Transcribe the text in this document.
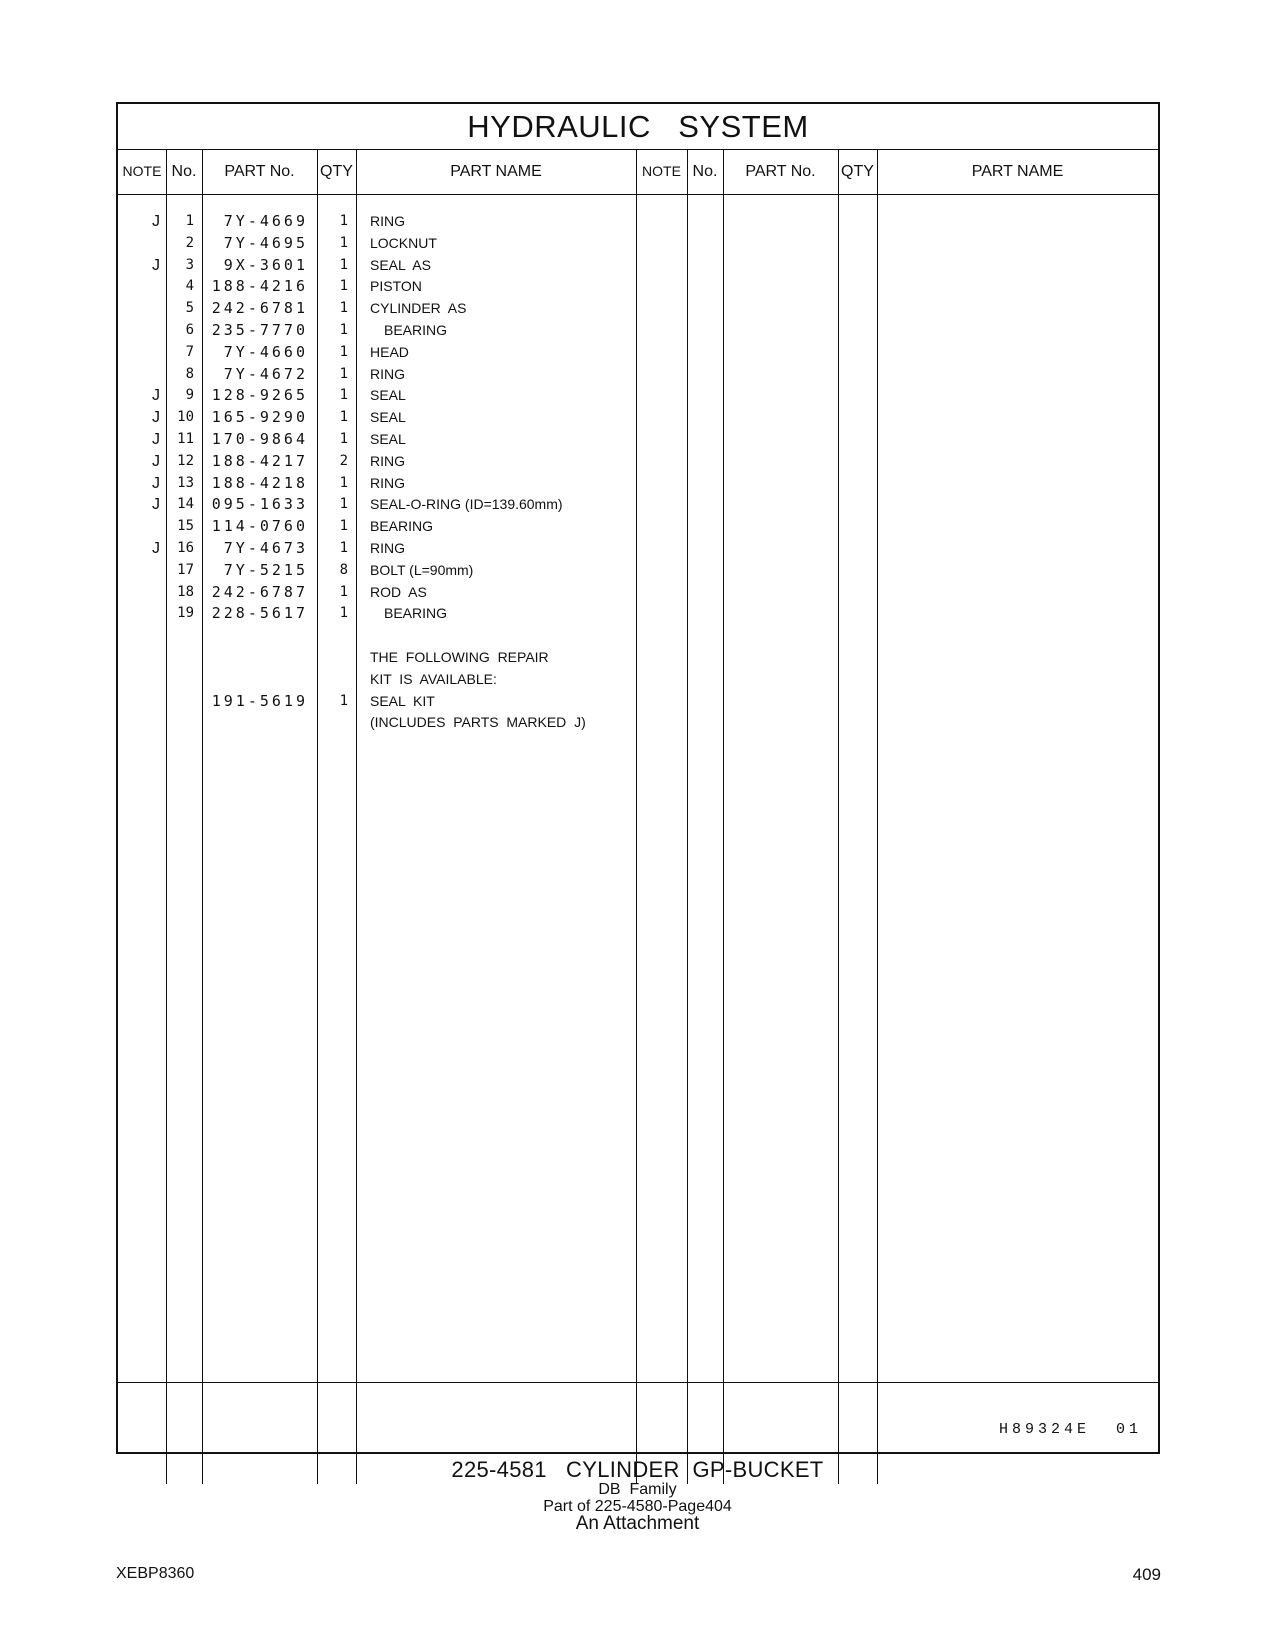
HYDRAULIC   SYSTEM
NOTE No.	PART No.	QTY	PART NAME	NOTE No.	PART No.	QTY	PART NAME
J	1	7Y-4669	1 RING
2	7Y-4695	1 LOCKNUT
J	3	9X-3601	1 SEAL  AS
4	188-4216	1 PISTON
5	242-6781	1 CYLINDER  AS
6	235-7770	1	BEARING
7	7Y-4660	1 HEAD
8	7Y-4672	1 RING
J	9	128-9265	1 SEAL
J	10	165-9290	1 SEAL
J	11	170-9864	1 SEAL
J	12	188-4217	2 RING
J	13	188-4218	1 RING
J	14	095-1633	1 SEAL-O-RING (ID=139.60mm)
15	114-0760	1 BEARING
J	16	7Y-4673	1 RING
17	7Y-5215	8 BOLT (L=90mm)
18	242-6787	1 ROD  AS
19	228-5617	1	BEARING
THE  FOLLOWING  REPAIR
KIT  IS  AVAILABLE:
191-5619	1 SEAL  KIT
(INCLUDES  PARTS  MARKED  J)
H89324E  01
225-4581   CYLINDER  GP-BUCKET
DB  Family
Part of 225-4580-Page404
An Attachment
XEBP8360	409
